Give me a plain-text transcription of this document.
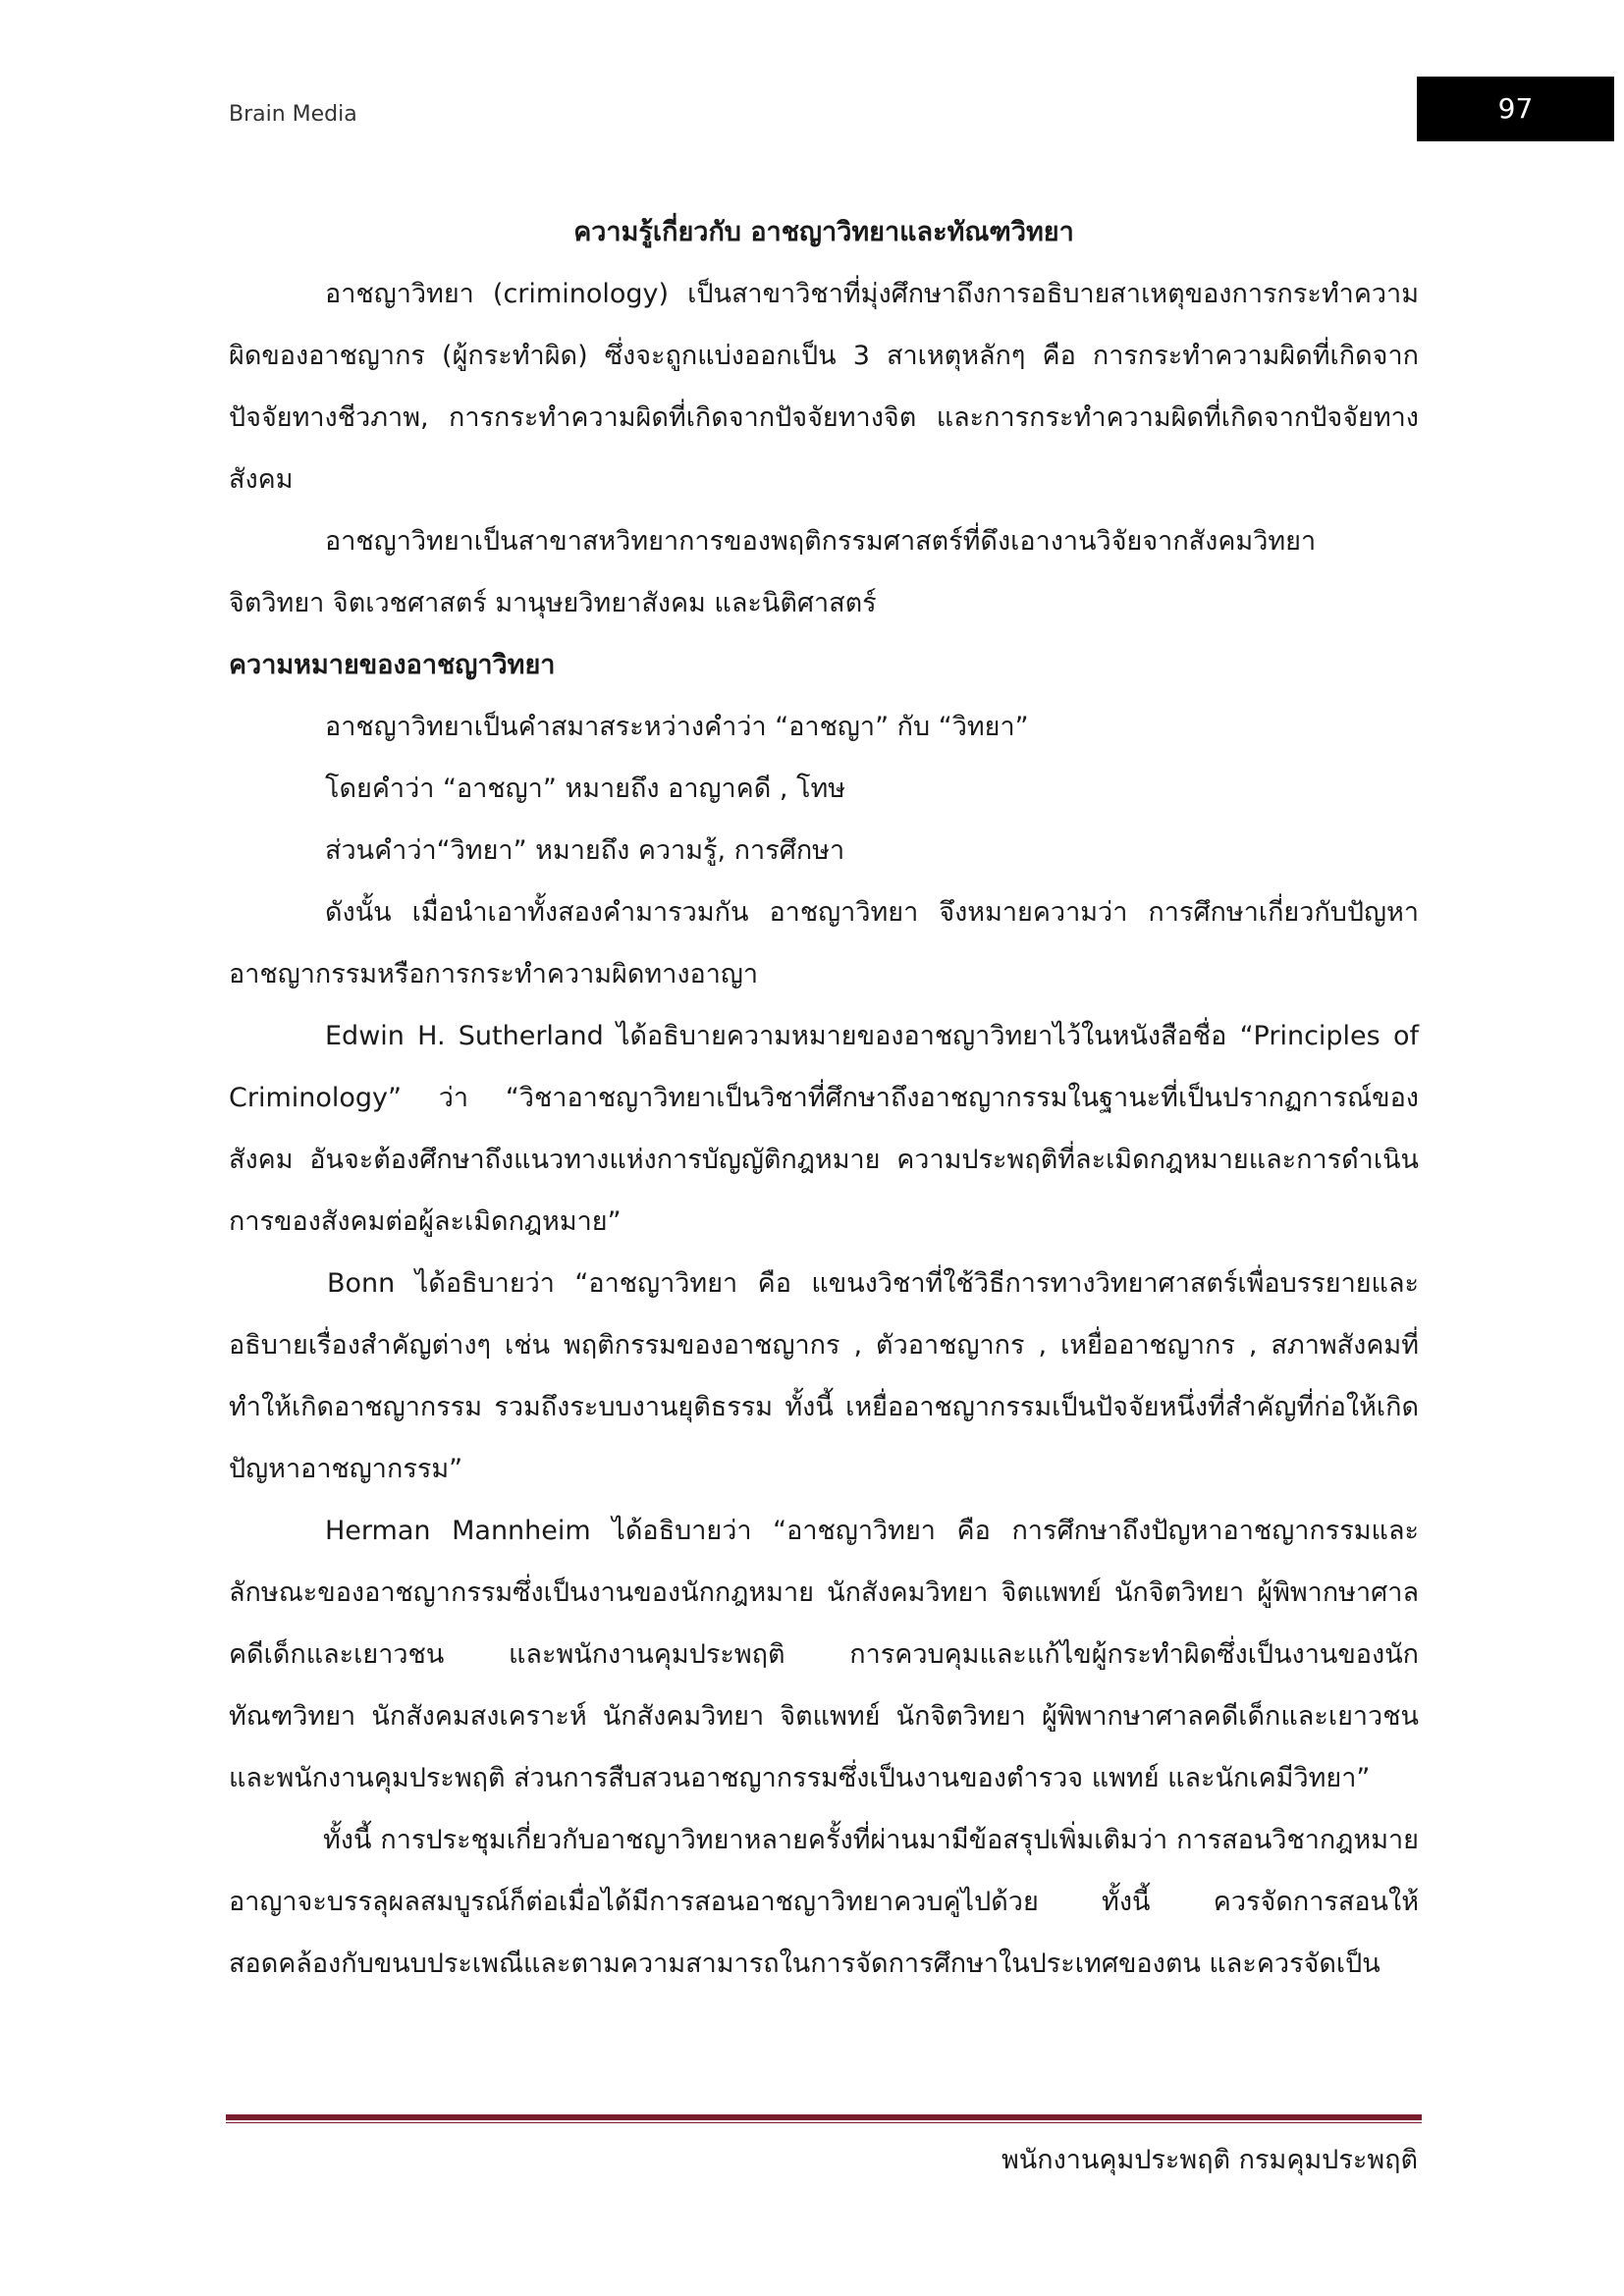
Brain Media	97

ความรู้เกี่ยวกับ อาชญาวิทยาและทัณฑวิทยา

อาชญาวิทยา (criminology) เป็นสาขาวิชาที่มุ่งศึกษาถึงการอธิบายสาเหตุของการกระทำความผิดของอาชญากร (ผู้กระทำผิด) ซึ่งจะถูกแบ่งออกเป็น 3 สาเหตุหลักๆ คือ การกระทำความผิดที่เกิดจากปัจจัยทางชีวภาพ, การกระทำความผิดที่เกิดจากปัจจัยทางจิต และการกระทำความผิดที่เกิดจากปัจจัยทางสังคม

อาชญาวิทยาเป็นสาขาสหวิทยาการของพฤติกรรมศาสตร์ที่ดึงเอางานวิจัยจากสังคมวิทยา จิตวิทยา จิตเวชศาสตร์ มานุษยวิทยาสังคม และนิติศาสตร์

ความหมายของอาชญาวิทยา

อาชญาวิทยาเป็นคำสมาสระหว่างคำว่า “อาชญา” กับ “วิทยา”

โดยคำว่า “อาชญา” หมายถึง อาญาคดี , โทษ

ส่วนคำว่า“วิทยา” หมายถึง ความรู้, การศึกษา

ดังนั้น เมื่อนำเอาทั้งสองคำมารวมกัน อาชญาวิทยา จึงหมายความว่า การศึกษาเกี่ยวกับปัญหาอาชญากรรมหรือการกระทำความผิดทางอาญา

Edwin H. Sutherland ได้อธิบายความหมายของอาชญาวิทยาไว้ในหนังสือชื่อ “Principles of Criminology” ว่า “วิชาอาชญาวิทยาเป็นวิชาที่ศึกษาถึงอาชญากรรมในฐานะที่เป็นปรากฏการณ์ของสังคม อันจะต้องศึกษาถึงแนวทางแห่งการบัญญัติกฎหมาย ความประพฤติที่ละเมิดกฎหมายและการดำเนินการของสังคมต่อผู้ละเมิดกฎหมาย”

Bonn ได้อธิบายว่า “อาชญาวิทยา คือ แขนงวิชาที่ใช้วิธีการทางวิทยาศาสตร์เพื่อบรรยายและอธิบายเรื่องสำคัญต่างๆ เช่น พฤติกรรมของอาชญากร , ตัวอาชญากร , เหยื่ออาชญากร , สภาพสังคมที่ทำให้เกิดอาชญากรรม รวมถึงระบบงานยุติธรรม ทั้งนี้ เหยื่ออาชญากรรมเป็นปัจจัยหนึ่งที่สำคัญที่ก่อให้เกิดปัญหาอาชญากรรม”

Herman Mannheim ได้อธิบายว่า “อาชญาวิทยา คือ การศึกษาถึงปัญหาอาชญากรรมและลักษณะของอาชญากรรมซึ่งเป็นงานของนักกฎหมาย นักสังคมวิทยา จิตแพทย์ นักจิตวิทยา ผู้พิพากษาศาลคดีเด็กและเยาวชน และพนักงานคุมประพฤติ การควบคุมและแก้ไขผู้กระทำผิดซึ่งเป็นงานของนักทัณฑวิทยา นักสังคมสงเคราะห์ นักสังคมวิทยา จิตแพทย์ นักจิตวิทยา ผู้พิพากษาศาลคดีเด็กและเยาวชน และพนักงานคุมประพฤติ ส่วนการสืบสวนอาชญากรรมซึ่งเป็นงานของตำรวจ แพทย์ และนักเคมีวิทยา”

ทั้งนี้ การประชุมเกี่ยวกับอาชญาวิทยาหลายครั้งที่ผ่านมามีข้อสรุปเพิ่มเติมว่า การสอนวิชากฎหมายอาญาจะบรรลุผลสมบูรณ์ก็ต่อเมื่อได้มีการสอนอาชญาวิทยาควบคู่ไปด้วย ทั้งนี้ ควรจัดการสอนให้สอดคล้องกับขนบประเพณีและตามความสามารถในการจัดการศึกษาในประเทศของตน และควรจัดเป็น

พนักงานคุมประพฤติ กรมคุมประพฤติ
